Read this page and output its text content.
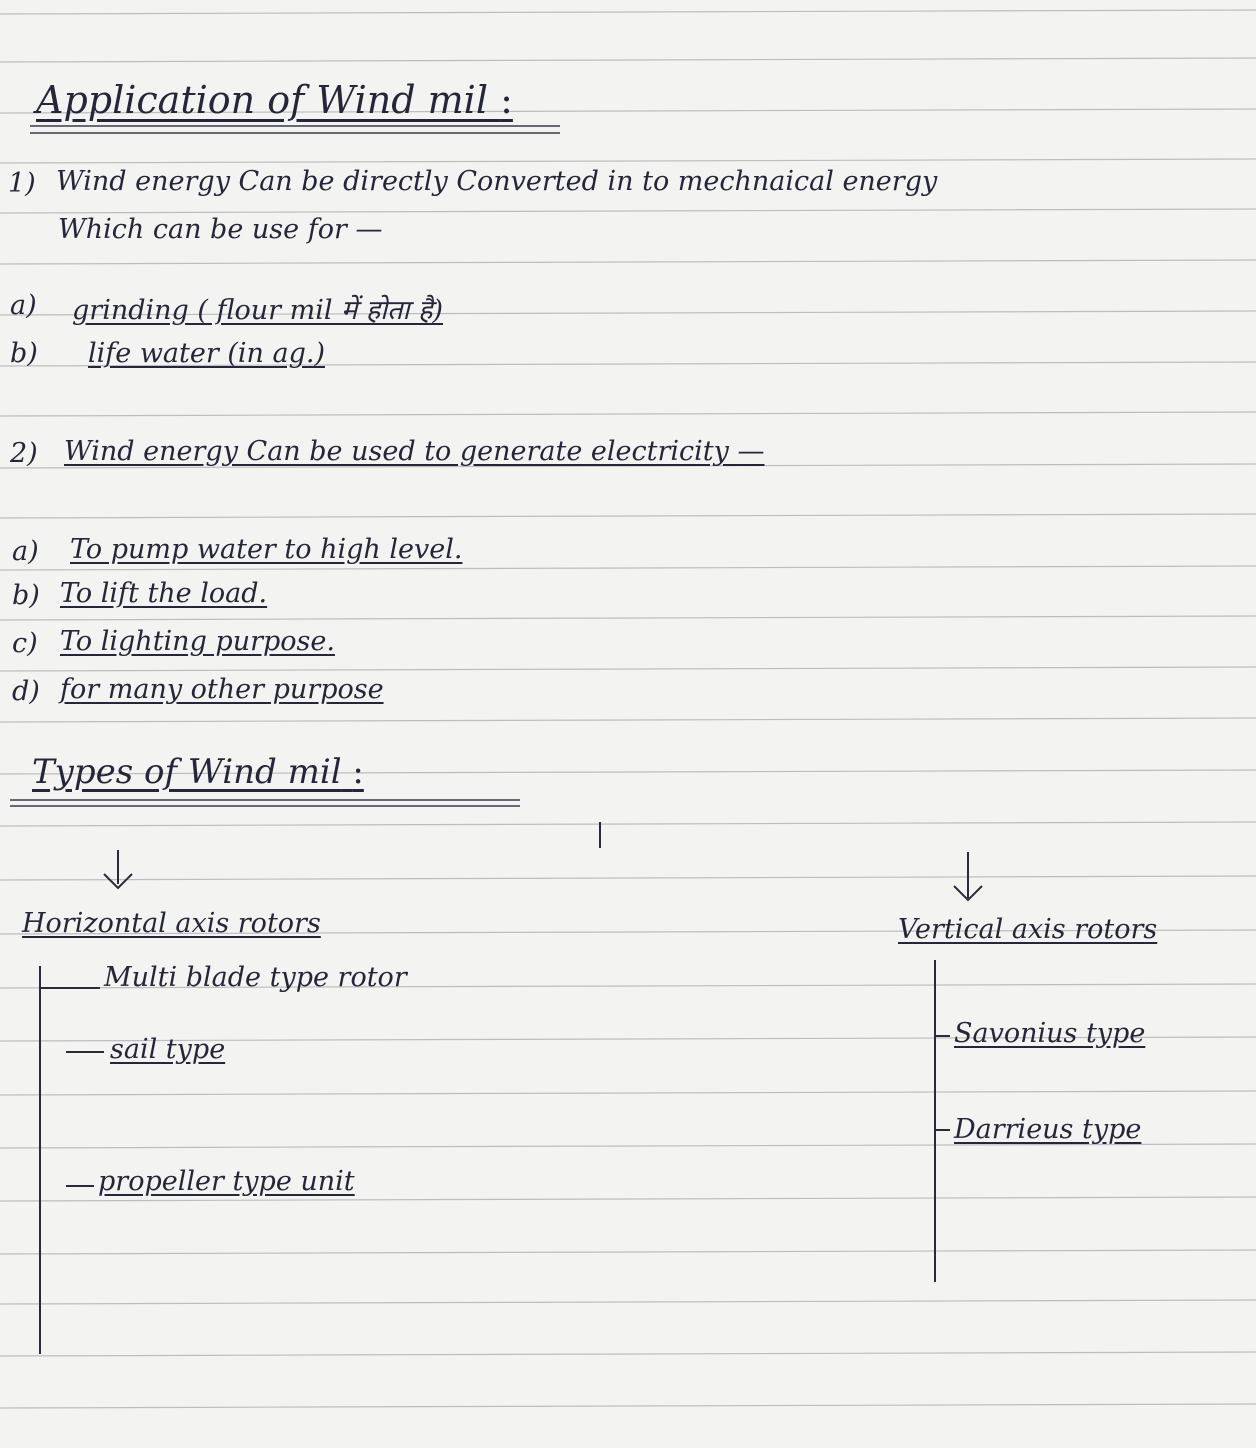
Application of Wind mil :
1) Wind energy Can be directly Converted in to mechnaical energy
Which can be use for —
a) grinding ( flour mil में होता है)
b) life water (in ag.)
2) Wind energy Can be used to generate electricity —
a) To pump water to high level.
b) To lift the load.
c) To lighting purpose.
d) for many other purpose
Types of Wind mil :
Horizontal axis rotors
Multi blade type rotor
sail type
propeller type unit
Vertical axis rotors
Savonius type
Darrieus type
